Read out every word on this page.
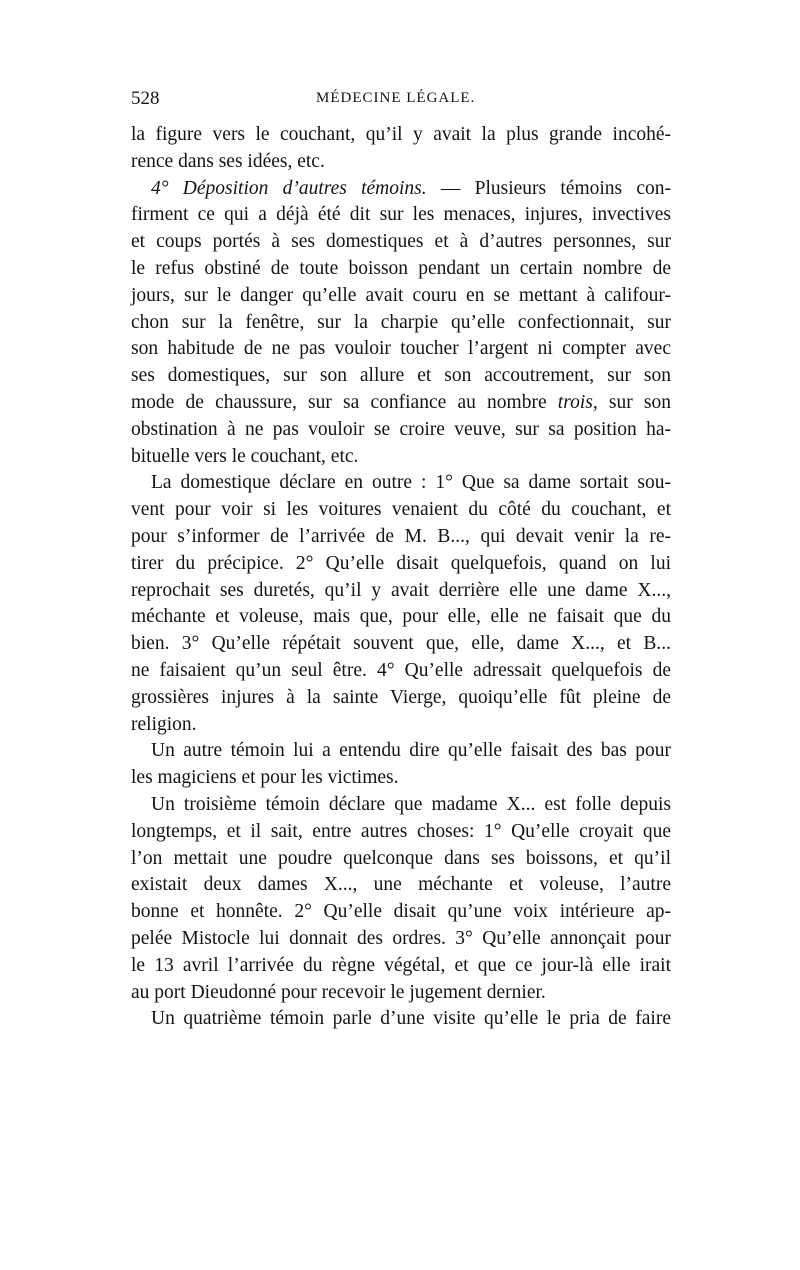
528	MÉDECINE LÉGALE.

la figure vers le couchant, qu’il y avait la plus grande incohé-
rence dans ses idées, etc.

4° Déposition d’autres témoins. — Plusieurs témoins con-
firment ce qui a déjà été dit sur les menaces, injures, invectives
et coups portés à ses domestiques et à d’autres personnes, sur
le refus obstiné de toute boisson pendant un certain nombre de
jours, sur le danger qu’elle avait couru en se mettant à califour-
chon sur la fenêtre, sur la charpie qu’elle confectionnait, sur
son habitude de ne pas vouloir toucher l’argent ni compter avec
ses domestiques, sur son allure et son accoutrement, sur son
mode de chaussure, sur sa confiance au nombre trois, sur son
obstination à ne pas vouloir se croire veuve, sur sa position ha-
bituelle vers le couchant, etc.

La domestique déclare en outre : 1° Que sa dame sortait sou-
vent pour voir si les voitures venaient du côté du couchant, et
pour s’informer de l’arrivée de M. B..., qui devait venir la re-
tirer du précipice. 2° Qu’elle disait quelquefois, quand on lui
reprochait ses duretés, qu’il y avait derrière elle une dame X...,
méchante et voleuse, mais que, pour elle, elle ne faisait que du
bien. 3° Qu’elle répétait souvent que, elle, dame X..., et B...
ne faisaient qu’un seul être. 4° Qu’elle adressait quelquefois de
grossières injures à la sainte Vierge, quoiqu’elle fût pleine de
religion.

Un autre témoin lui a entendu dire qu’elle faisait des bas pour
les magiciens et pour les victimes.

Un troisième témoin déclare que madame X... est folle depuis
longtemps, et il sait, entre autres choses: 1° Qu’elle croyait que
l’on mettait une poudre quelconque dans ses boissons, et qu’il
existait deux dames X..., une méchante et voleuse, l’autre
bonne et honnête. 2° Qu’elle disait qu’une voix intérieure ap-
pelée Mistocle lui donnait des ordres. 3° Qu’elle annonçait pour
le 13 avril l’arrivée du règne végétal, et que ce jour-là elle irait
au port Dieudonné pour recevoir le jugement dernier.

Un quatrième témoin parle d’une visite qu’elle le pria de faire
